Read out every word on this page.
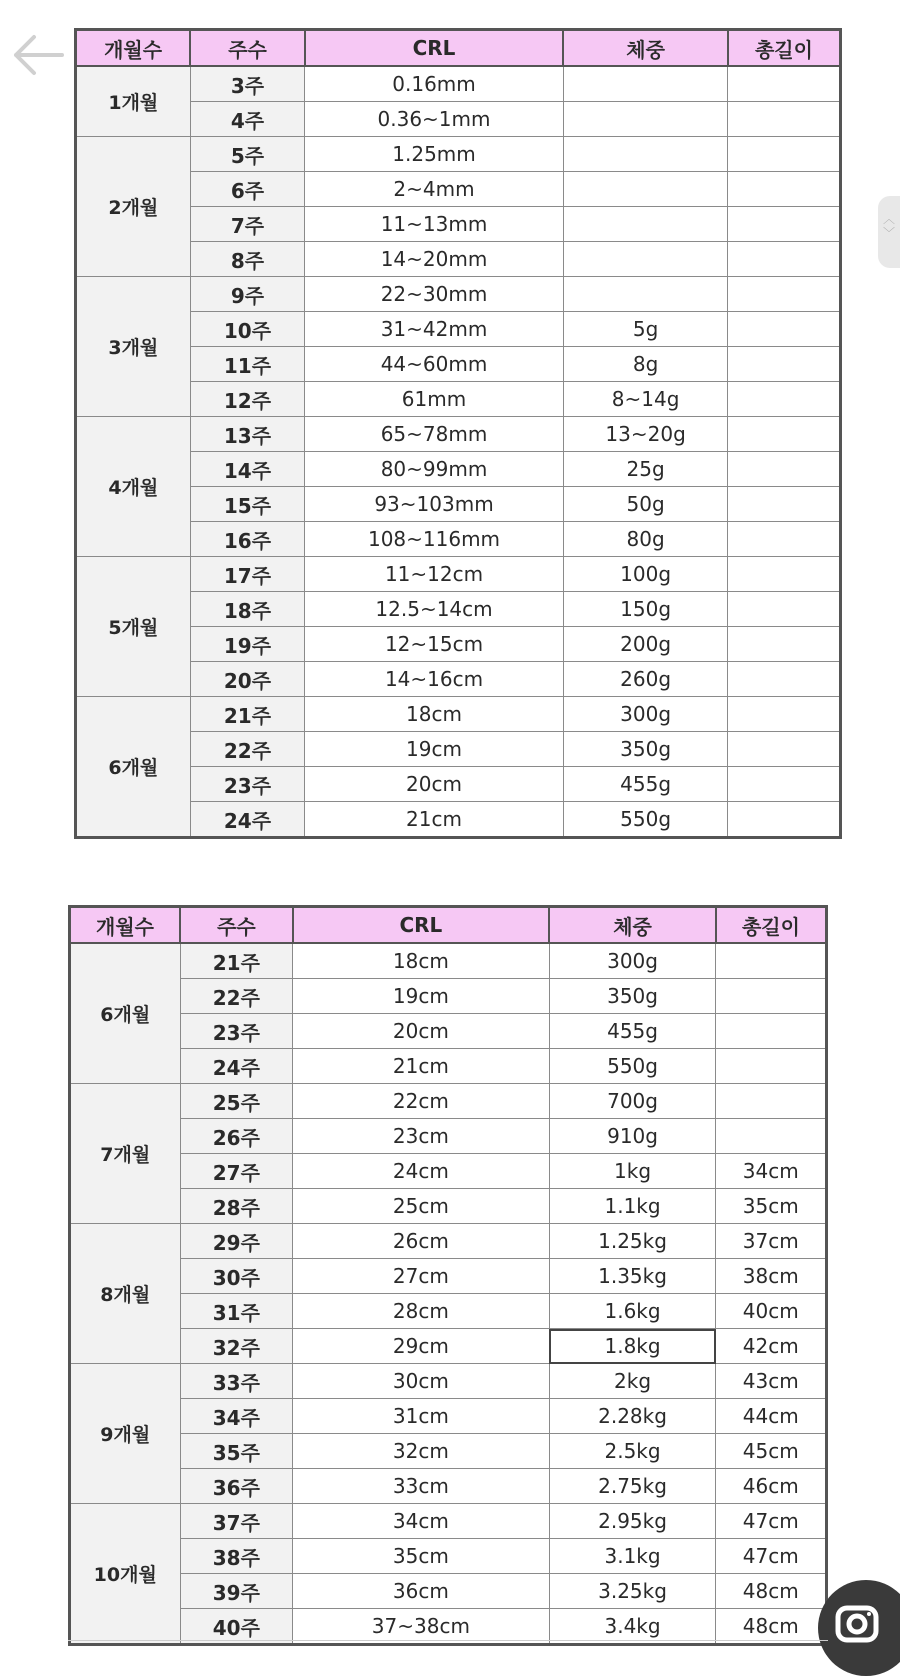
개월수	주수	CRL	체중	총길이
1개월	3주	0.16mm		
	4주	0.36~1mm		
2개월	5주	1.25mm		
	6주	2~4mm		
	7주	11~13mm		
	8주	14~20mm		
3개월	9주	22~30mm		
	10주	31~42mm	5g	
	11주	44~60mm	8g	
	12주	61mm	8~14g	
4개월	13주	65~78mm	13~20g	
	14주	80~99mm	25g	
	15주	93~103mm	50g	
	16주	108~116mm	80g	
5개월	17주	11~12cm	100g	
	18주	12.5~14cm	150g	
	19주	12~15cm	200g	
	20주	14~16cm	260g	
6개월	21주	18cm	300g	
	22주	19cm	350g	
	23주	20cm	455g	
	24주	21cm	550g	
개월수	주수	CRL	체중	총길이
6개월	21주	18cm	300g	
	22주	19cm	350g	
	23주	20cm	455g	
	24주	21cm	550g	
7개월	25주	22cm	700g	
	26주	23cm	910g	
	27주	24cm	1kg	34cm
	28주	25cm	1.1kg	35cm
8개월	29주	26cm	1.25kg	37cm
	30주	27cm	1.35kg	38cm
	31주	28cm	1.6kg	40cm
	32주	29cm	1.8kg	42cm
9개월	33주	30cm	2kg	43cm
	34주	31cm	2.28kg	44cm
	35주	32cm	2.5kg	45cm
	36주	33cm	2.75kg	46cm
10개월	37주	34cm	2.95kg	47cm
	38주	35cm	3.1kg	47cm
	39주	36cm	3.25kg	48cm
	40주	37~38cm	3.4kg	48cm
︿
﹀
